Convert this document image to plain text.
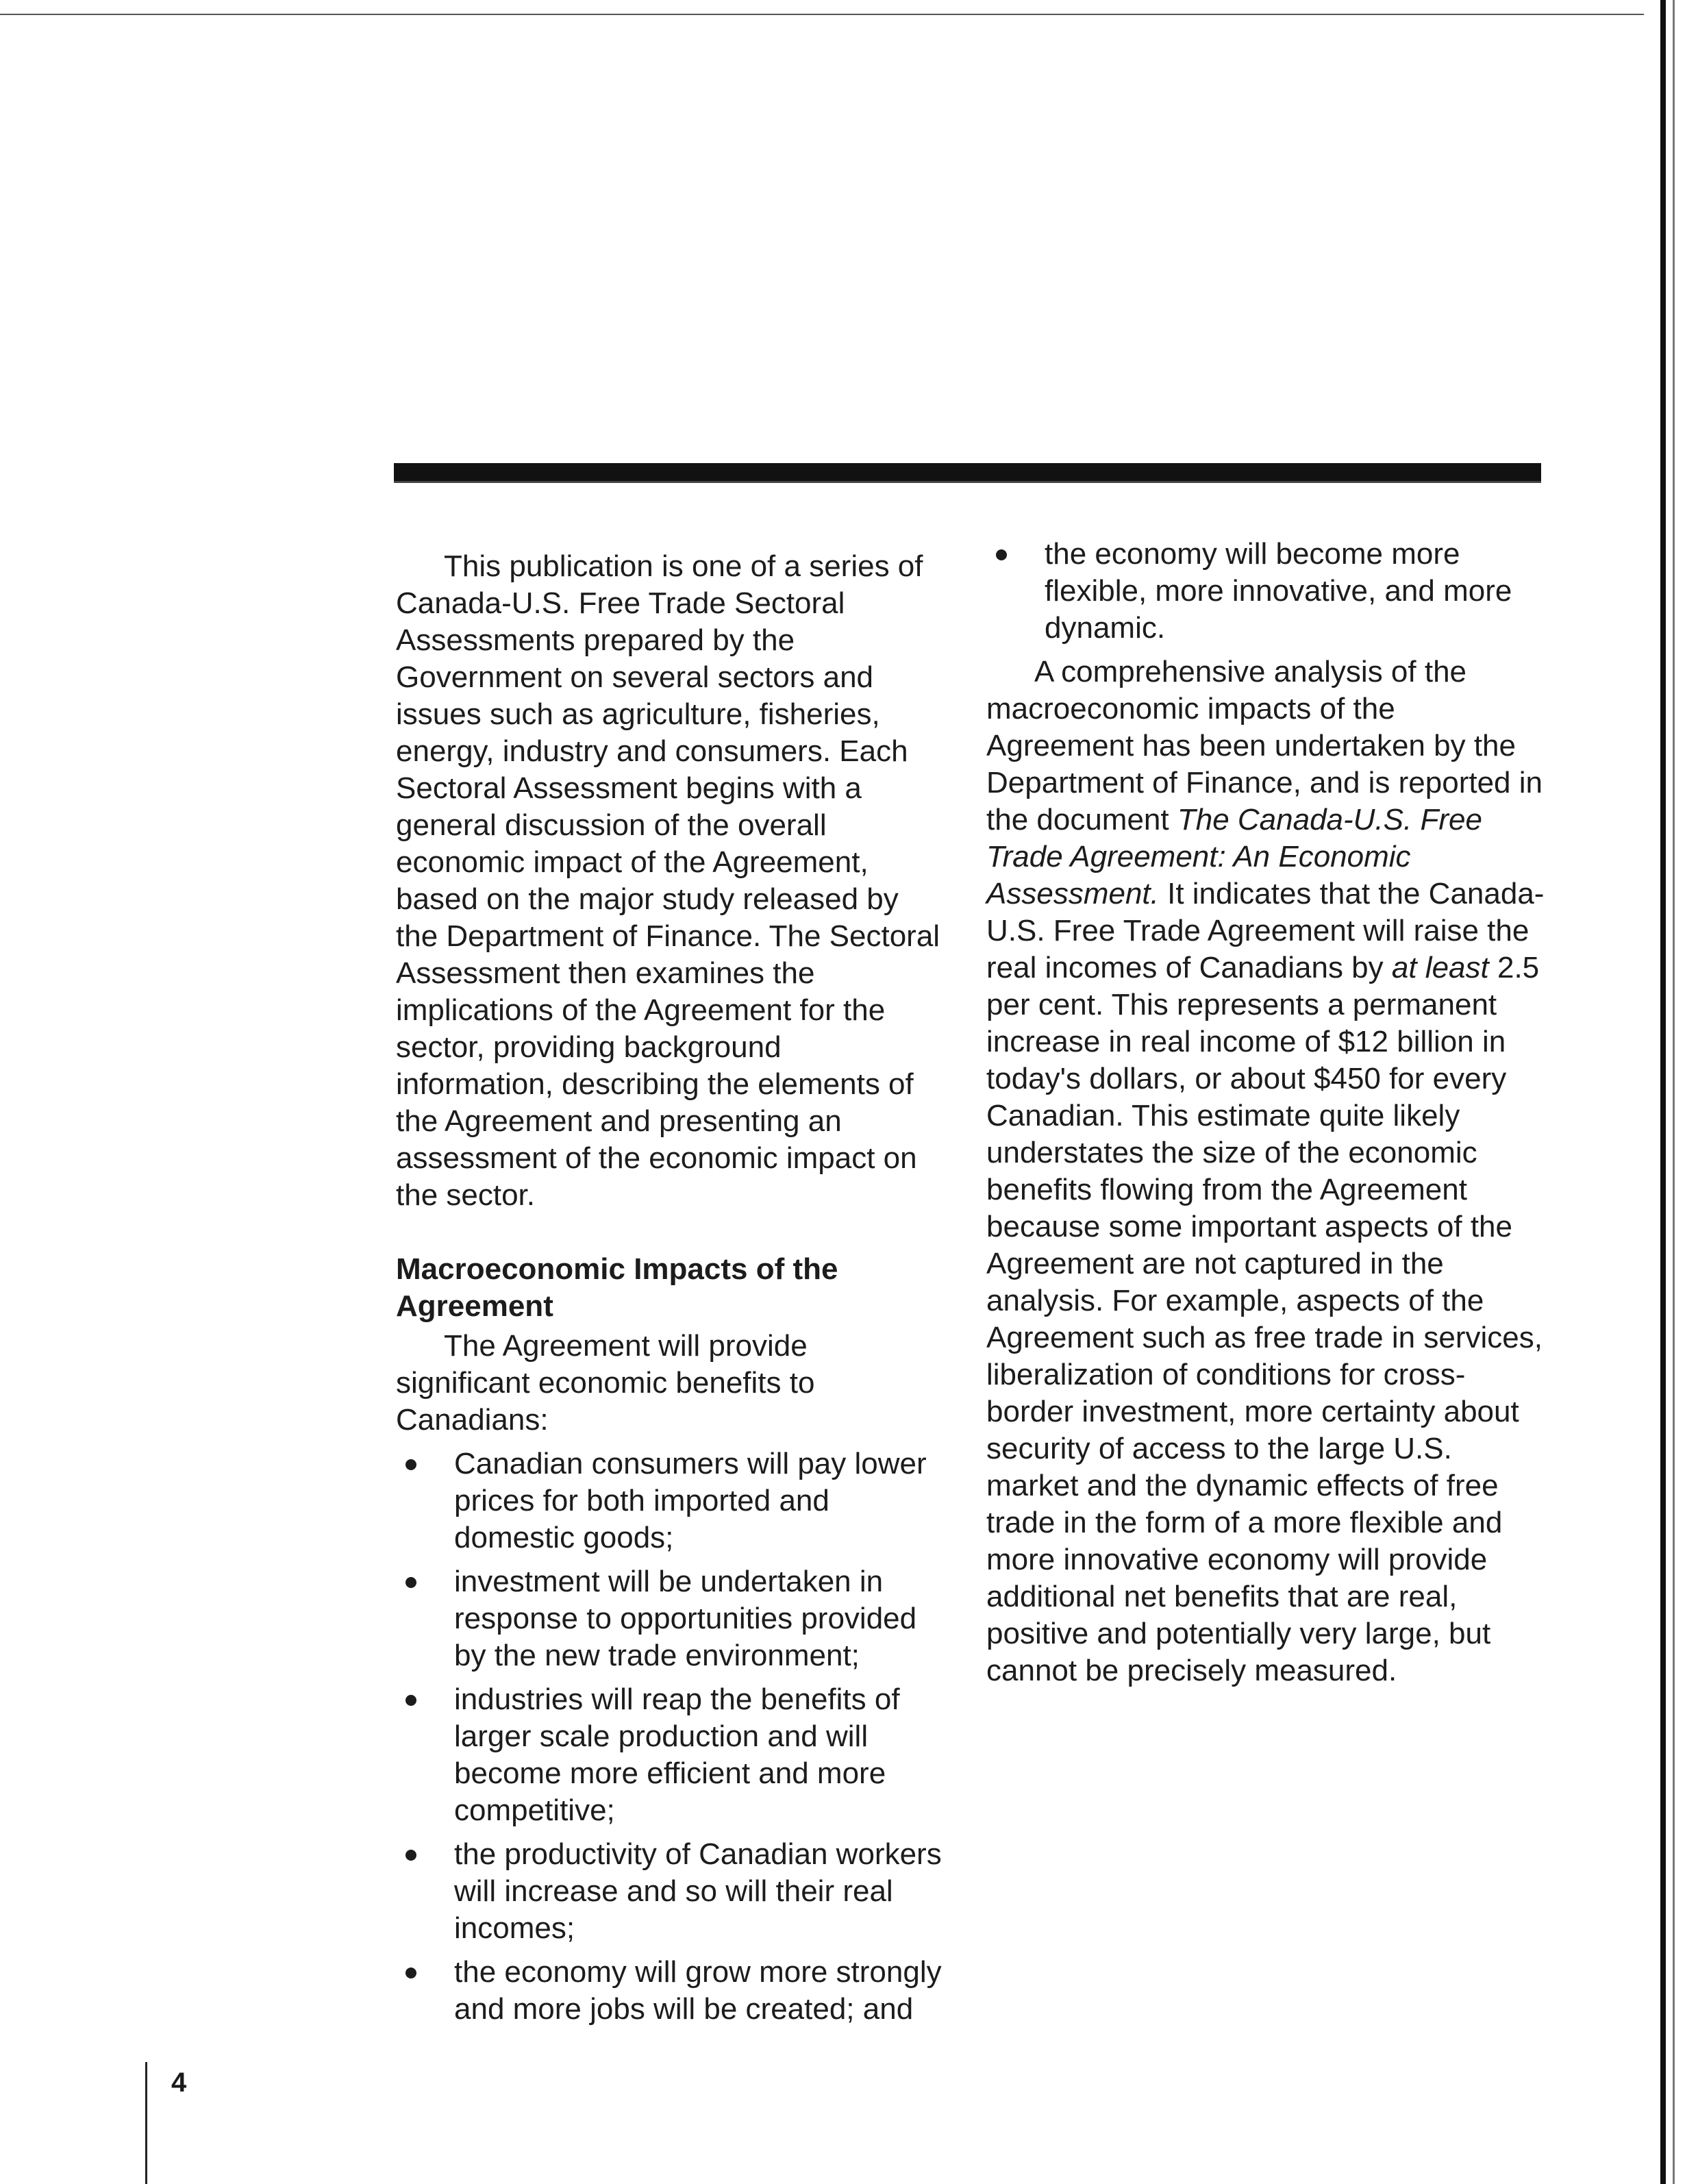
This publication is one of a series of Canada-U.S. Free Trade Sectoral Assessments prepared by the Government on several sectors and issues such as agriculture, fisheries, energy, industry and consumers. Each Sectoral Assessment begins with a general discussion of the overall economic impact of the Agreement, based on the major study released by the Department of Finance. The Sectoral Assessment then examines the implications of the Agreement for the sector, providing background information, describing the elements of the Agreement and presenting an assessment of the economic impact on the sector.

Macroeconomic Impacts of the Agreement

The Agreement will provide significant economic benefits to Canadians:

Canadian consumers will pay lower prices for both imported and domestic goods;
investment will be undertaken in response to opportunities provided by the new trade environment;
industries will reap the benefits of larger scale production and will become more efficient and more competitive;
the productivity of Canadian workers will increase and so will their real incomes;
the economy will grow more strongly and more jobs will be created; and
the economy will become more flexible, more innovative, and more dynamic.

A comprehensive analysis of the macroeconomic impacts of the Agreement has been undertaken by the Department of Finance, and is reported in the document The Canada-U.S. Free Trade Agreement: An Economic Assessment. It indicates that the Canada-U.S. Free Trade Agreement will raise the real incomes of Canadians by at least 2.5 per cent. This represents a permanent increase in real income of $12 billion in today's dollars, or about $450 for every Canadian. This estimate quite likely understates the size of the economic benefits flowing from the Agreement because some important aspects of the Agreement are not captured in the analysis. For example, aspects of the Agreement such as free trade in services, liberalization of conditions for cross-border investment, more certainty about security of access to the large U.S. market and the dynamic effects of free trade in the form of a more flexible and more innovative economy will provide additional net benefits that are real, positive and potentially very large, but cannot be precisely measured.

4
